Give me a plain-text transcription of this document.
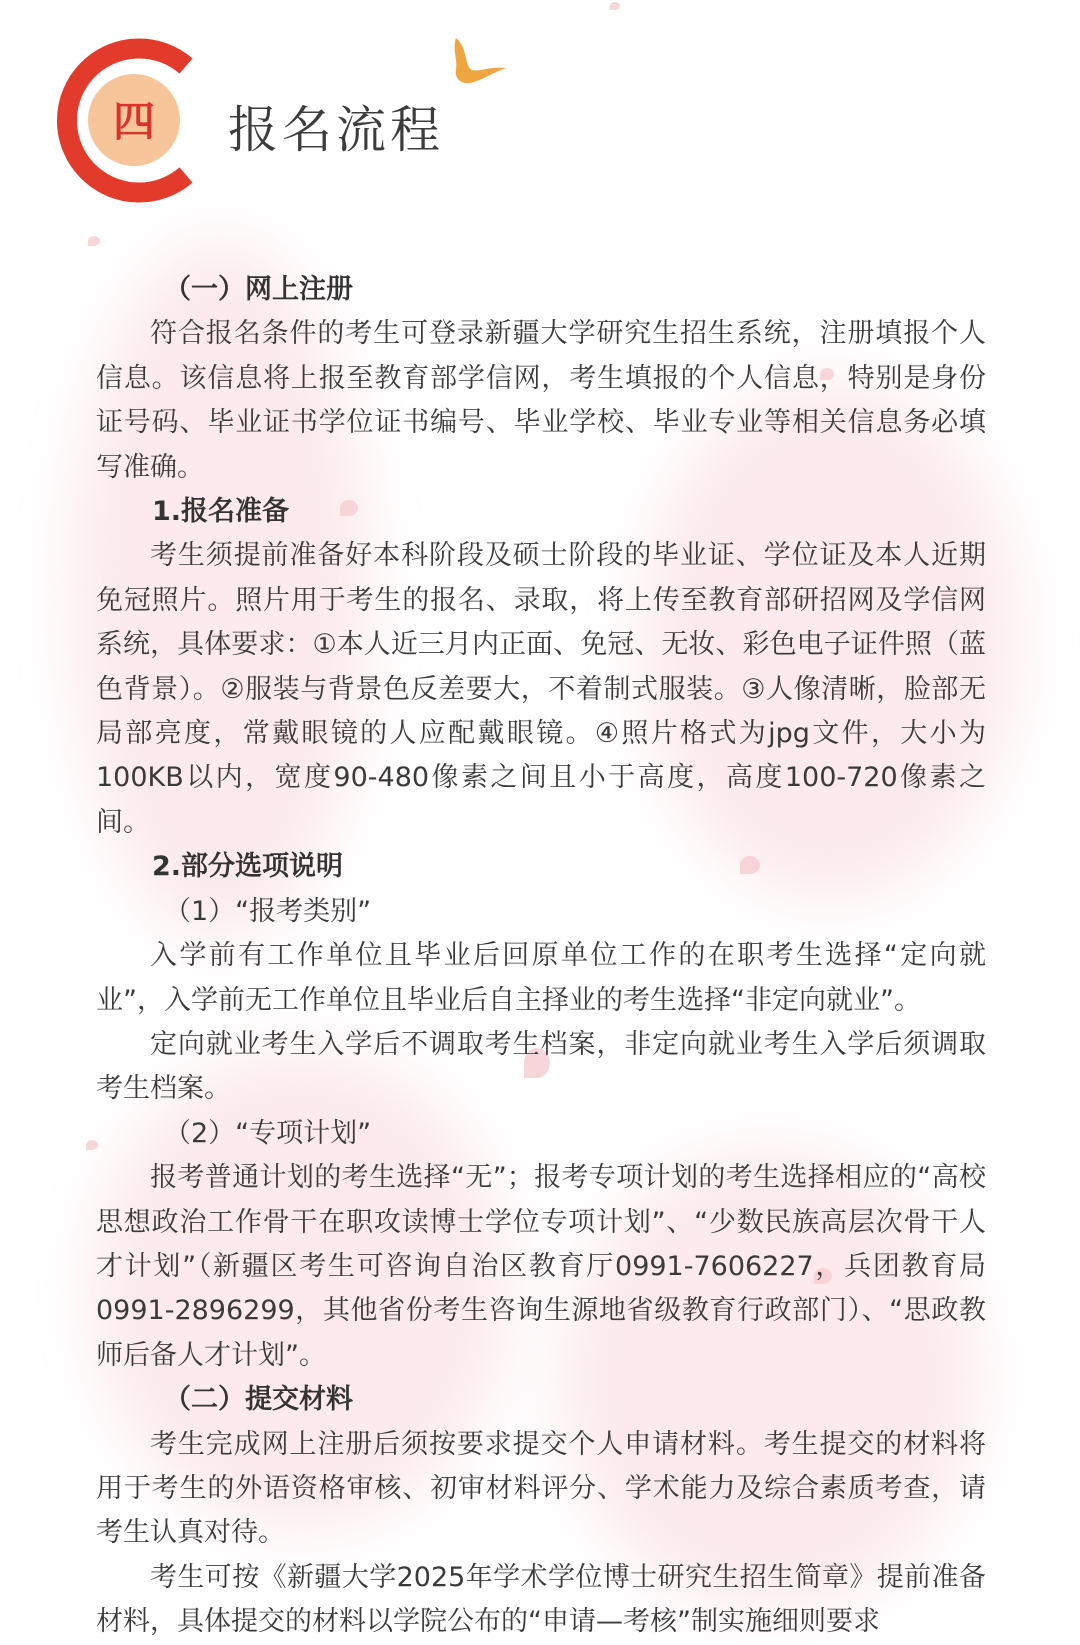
四 报名流程

（一）网上注册

符合报名条件的考生可登录新疆大学研究生招生系统，注册填报个人信息。该信息将上报至教育部学信网，考生填报的个人信息，特别是身份证号码、毕业证书学位证书编号、毕业学校、毕业专业等相关信息务必填写准确。

1.报名准备

考生须提前准备好本科阶段及硕士阶段的毕业证、学位证及本人近期免冠照片。照片用于考生的报名、录取，将上传至教育部研招网及学信网系统，具体要求：①本人近三月内正面、免冠、无妆、彩色电子证件照（蓝色背景）。②服装与背景色反差要大，不着制式服装。③人像清晰，脸部无局部亮度，常戴眼镜的人应配戴眼镜。④照片格式为jpg文件，大小为100KB以内，宽度90-480像素之间且小于高度，高度100-720像素之间。

2.部分选项说明

（1）“报考类别”

入学前有工作单位且毕业后回原单位工作的在职考生选择“定向就业”，入学前无工作单位且毕业后自主择业的考生选择“非定向就业”。

定向就业考生入学后不调取考生档案，非定向就业考生入学后须调取考生档案。

（2）“专项计划”

报考普通计划的考生选择“无”；报考专项计划的考生选择相应的“高校思想政治工作骨干在职攻读博士学位专项计划”、“少数民族高层次骨干人才计划”（新疆区考生可咨询自治区教育厅0991-7606227，兵团教育局0991-2896299，其他省份考生咨询生源地省级教育行政部门）、“思政教师后备人才计划”。

（二）提交材料

考生完成网上注册后须按要求提交个人申请材料。考生提交的材料将用于考生的外语资格审核、初审材料评分、学术能力及综合素质考查，请考生认真对待。

考生可按《新疆大学2025年学术学位博士研究生招生简章》提前准备材料，具体提交的材料以学院公布的“申请—考核”制实施细则要求
